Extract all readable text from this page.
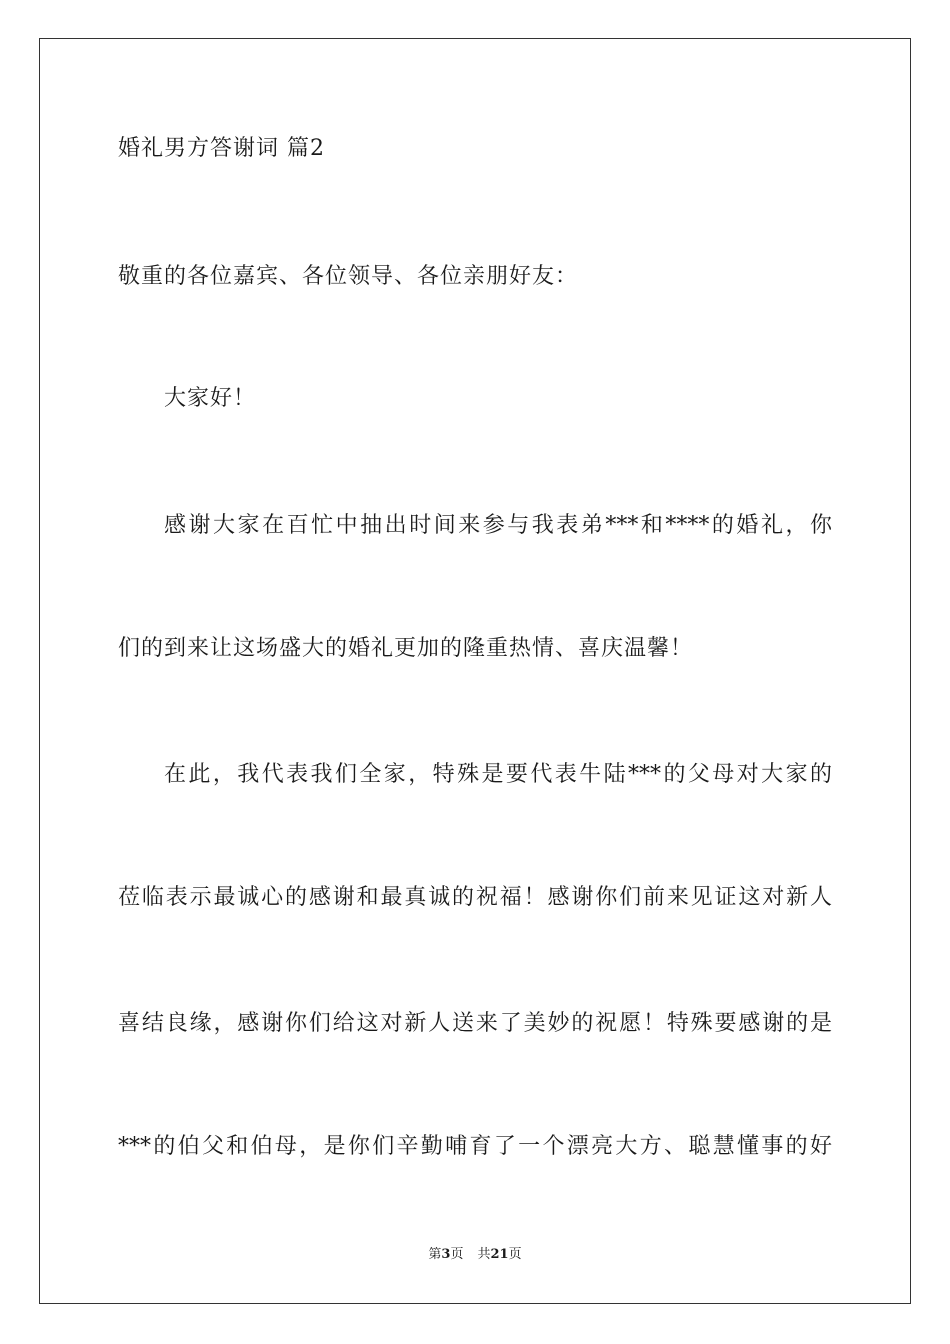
婚礼男方答谢词 篇2
敬重的各位嘉宾、各位领导、各位亲朋好友：
大家好！
感谢大家在百忙中抽出时间来参与我表弟***和****的婚礼，你
们的到来让这场盛大的婚礼更加的隆重热情、喜庆温馨！
在此，我代表我们全家，特殊是要代表牛陆***的父母对大家的
莅临表示最诚心的感谢和最真诚的祝福！感谢你们前来见证这对新人
喜结良缘，感谢你们给这对新人送来了美妙的祝愿！特殊要感谢的是
***的伯父和伯母，是你们辛勤哺育了一个漂亮大方、聪慧懂事的好
第3页 共21页
